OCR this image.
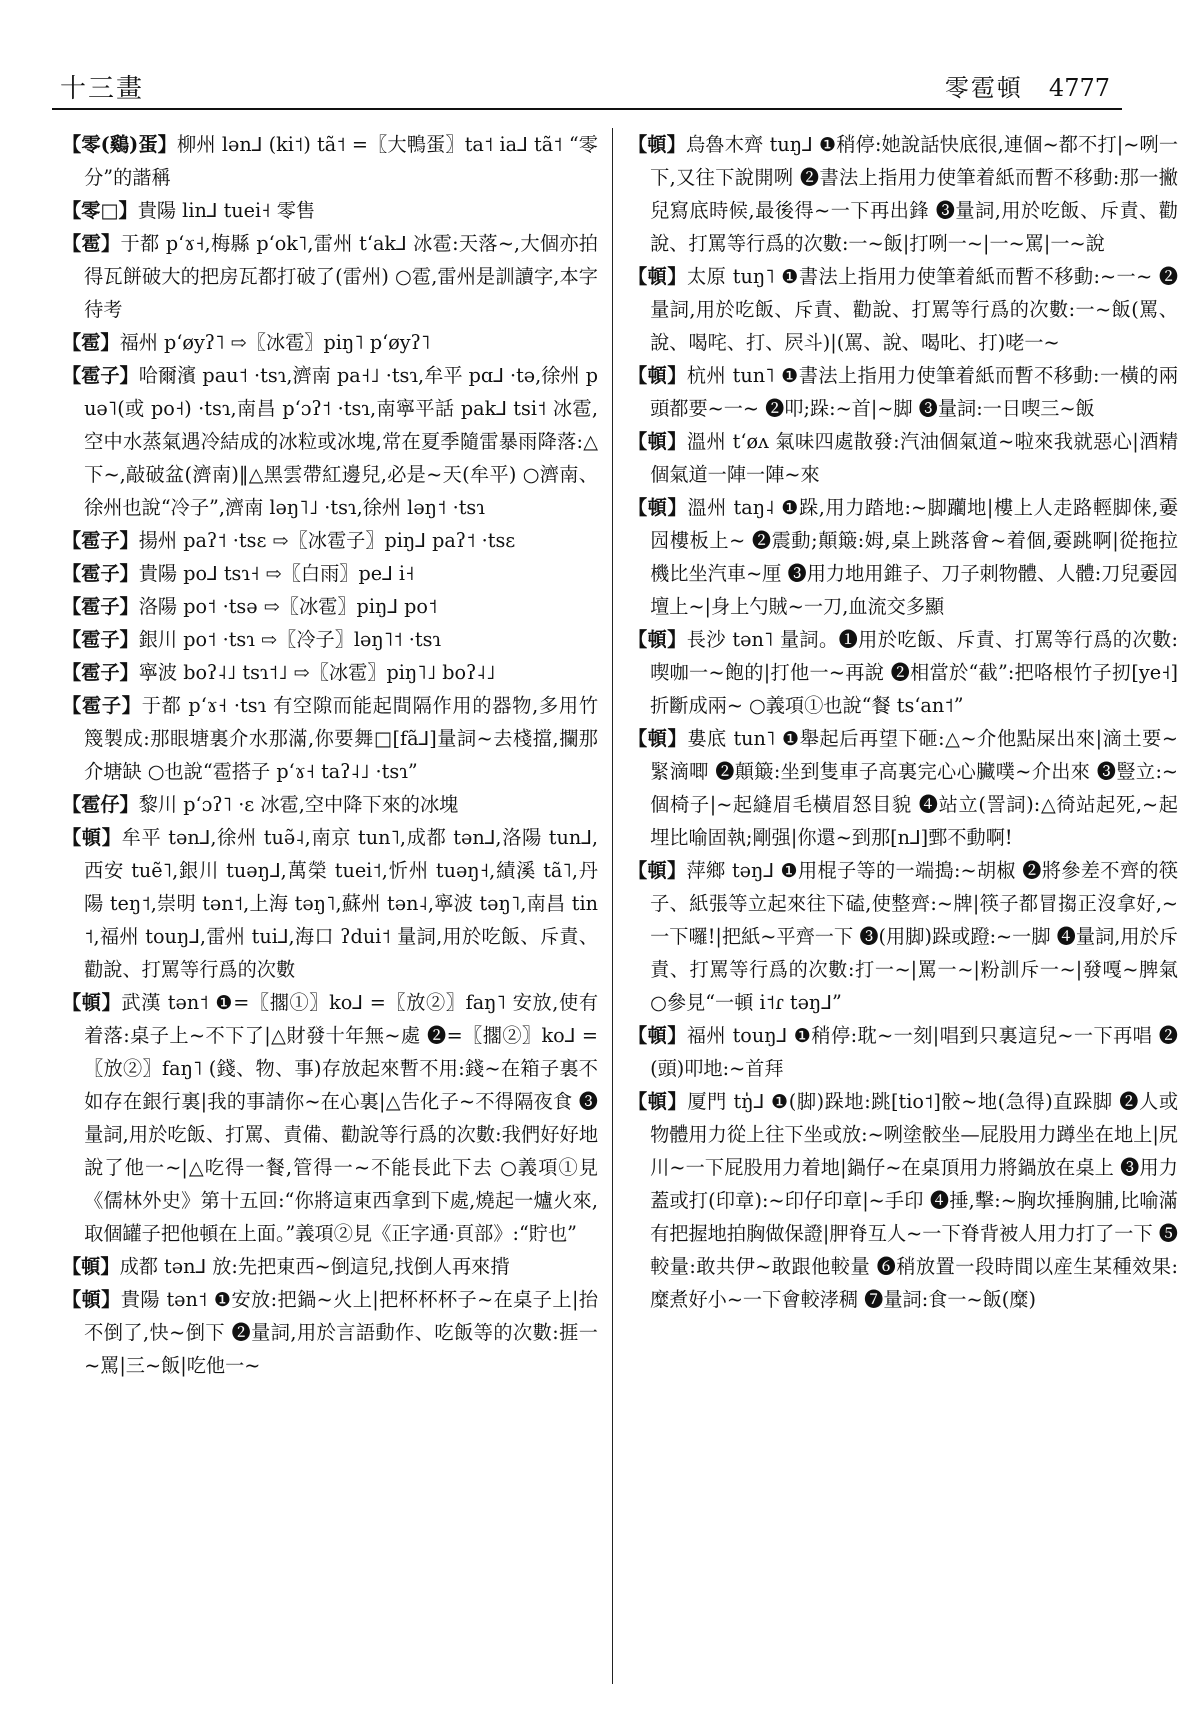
十三畫	零雹頓 4777

【零(鷄)蛋】柳州 lən⅃ (ki˦) tã˦ =〖大鴨蛋〗ta˦ ia⅃ tã˦ “零分”的諧稱

【零□】貴陽 lin⅃ tuei˧ 零售

【雹】于都 pʻɤ˧,梅縣 pʻok˥,雷州 tʻak⅃ 冰雹:天落~,大個亦拍得瓦餅破大的把房瓦都打破了(雷州) ○雹,雷州是訓讀字,本字待考

【雹】福州 pʻøyʔ˥ ⇨〖冰雹〗piŋ˥ pʻøyʔ˥

【雹子】哈爾濱 pau˦ ·tsɿ,濟南 pa˧˩ ·tsɿ,牟平 pɑ⅃ ·tə,徐州 puə˥(或 po˧) ·tsɿ,南昌 pʻɔʔ˦ ·tsɿ,南寧平話 pak⅃ tsi˦ 冰雹,空中水蒸氣遇冷結成的冰粒或冰塊,常在夏季隨雷暴雨降落:△下~,敲破盆(濟南)‖△黑雲帶紅邊兒,必是~天(牟平) ○濟南、徐州也說“冷子”,濟南 ləŋ˥˩ ·tsɿ,徐州 ləŋ˦ ·tsɿ

【雹子】揚州 paʔ˦ ·tsɛ ⇨〖冰雹子〗piŋ⅃ paʔ˦ ·tsɛ

【雹子】貴陽 po⅃ tsɿ˧ ⇨〖白雨〗pe⅃ i˧

【雹子】洛陽 po˦ ·tsə ⇨〖冰雹〗piŋ⅃ po˦

【雹子】銀川 po˦ ·tsɿ ⇨〖冷子〗ləŋ˥˦ ·tsɿ

【雹子】寧波 boʔ˨˩ tsɿ˦˩ ⇨〖冰雹〗piŋ˥˩ boʔ˨˩

【雹子】于都 pʻɤ˧ ·tsɿ 有空隙而能起間隔作用的器物,多用竹篾製成:那眼塘裏介水那滿,你要舞□[fã⅃]量詞~去棧擋,攔那介塘缺 ○也說“雹搭子 pʻɤ˧ taʔ˨˩ ·tsɿ”

【雹仔】黎川 pʻɔʔ˥ ·ɛ 冰雹,空中降下來的冰塊

【頓】牟平 tən⅃,徐州 tuə̃˨,南京 tun˥,成都 tən⅃,洛陽 tun⅃,西安 tuẽ˥,銀川 tuəŋ⅃,萬榮 tuei˦,忻州 tuəŋ˧,績溪 tã˥,丹陽 teŋ˦,崇明 tən˦,上海 təŋ˥,蘇州 tən˨,寧波 təŋ˥,南昌 tin˦,福州 touŋ⅃,雷州 tui⅃,海口 ʔdui˦ 量詞,用於吃飯、斥責、勸說、打罵等行爲的次數

【頓】武漢 tən˦ ❶=〖擱①〗ko⅃ =〖放②〗faŋ˥ 安放,使有着落:桌子上~不下了|△財發十年無~處 ❷=〖擱②〗ko⅃ =〖放②〗faŋ˥ (錢、物、事)存放起來暫不用:錢~在箱子裏不如存在銀行裏|我的事請你~在心裏|△告化子~不得隔夜食 ❸量詞,用於吃飯、打罵、責備、勸說等行爲的次數:我們好好地說了他一~|△吃得一餐,管得一~不能長此下去 ○義項①見《儒林外史》第十五回:“你將這東西拿到下處,燒起一爐火來,取個罐子把他頓在上面。”義項②見《正字通·頁部》:“貯也”

【頓】成都 tən⅃ 放:先把東西~倒這兒,找倒人再來揹

【頓】貴陽 tən˦ ❶安放:把鍋~火上|把杯杯杯子~在桌子上|抬不倒了,快~倒下 ❷量詞,用於言語動作、吃飯等的次數:捱一~罵|三~飯|吃他一~

【頓】烏魯木齊 tuŋ⅃ ❶稍停:她說話快底很,連個~都不打|~咧一下,又往下說開咧 ❷書法上指用力使筆着紙而暫不移動:那一撇兒寫底時候,最後得~一下再出鋒 ❸量詞,用於吃飯、斥責、勸說、打罵等行爲的次數:一~飯|打咧一~|一~罵|一~說

【頓】太原 tuŋ˥ ❶書法上指用力使筆着紙而暫不移動:~一~ ❷量詞,用於吃飯、斥責、勸說、打罵等行爲的次數:一~飯(罵、說、喝咤、打、屄斗)|(罵、說、喝叱、打)咾一~

【頓】杭州 tun˥ ❶書法上指用力使筆着紙而暫不移動:一橫的兩頭都要~一~ ❷叩;跺:~首|~脚 ❸量詞:一日喫三~飯

【頓】溫州 tʻøʌ 氣味四處散發:汽油個氣道~啦來我就惡心|酒精個氣道一陣一陣~來

【頓】溫州 taŋ˨ ❶跺,用力踏地:~脚躪地|樓上人走路輕脚俫,嫑囥樓板上~ ❷震動;顛簸:姆,桌上跳落會~着個,嫑跳啊|從拖拉機比坐汽車~厘 ❸用力地用錐子、刀子刺物體、人體:刀兒嫑囥壇上~|身上勺賊~一刀,血流交多顯

【頓】長沙 tən˥ 量詞。❶用於吃飯、斥責、打罵等行爲的次數:喫咖一~飽的|打他一~再說 ❷相當於“截”:把咯根竹子扨[ye˧]折斷成兩~ ○義項①也說“餐 tsʻan˦”

【頓】婁底 tun˥ ❶舉起后再望下砸:△~介他點屎出來|滴土要~緊滴唧 ❷顛簸:坐到隻車子高裏完心心臟噗~介出來 ❸豎立:~個椅子|~起縫眉毛橫眉怒目貌 ❹站立(詈詞):△徛站起死,~起埋比喻固執;剛强|你還~到那[n⅃]鄄不動啊!

【頓】萍鄉 təŋ⅃ ❶用棍子等的一端搗:~胡椒 ❷將參差不齊的筷子、紙張等立起來往下磕,使整齊:~牌|筷子都冒搊正沒拿好,~一下囉!|把紙~平齊一下 ❸(用脚)跺或蹬:~一脚 ❹量詞,用於斥責、打罵等行爲的次數:打一~|罵一~|粉訓斥一~|發嘎~脾氣 ○參見“一頓 i˦ɾ təŋ⅃”

【頓】福州 touŋ⅃ ❶稍停:耽~一刻|唱到只裏這兒~一下再唱 ❷(頭)叩地:~首拜

【頓】厦門 tŋ̍⅃ ❶(脚)跺地:跳[tio˦]骹~地(急得)直跺脚 ❷人或物體用力從上往下坐或放:~咧塗骹坐—屁股用力蹲坐在地上|尻川~一下屁股用力着地|鍋仔~在桌頂用力將鍋放在桌上 ❸用力蓋或打(印章):~印仔印章|~手印 ❹捶,擊:~胸坎捶胸脯,比喻滿有把握地拍胸做保證|胛脊互人~一下脊背被人用力打了一下 ❺較量:敢共伊~敢跟他較量 ❻稍放置一段時間以産生某種效果:糜煮好小~一下會較涍稠 ❼量詞:食一~飯(糜)
